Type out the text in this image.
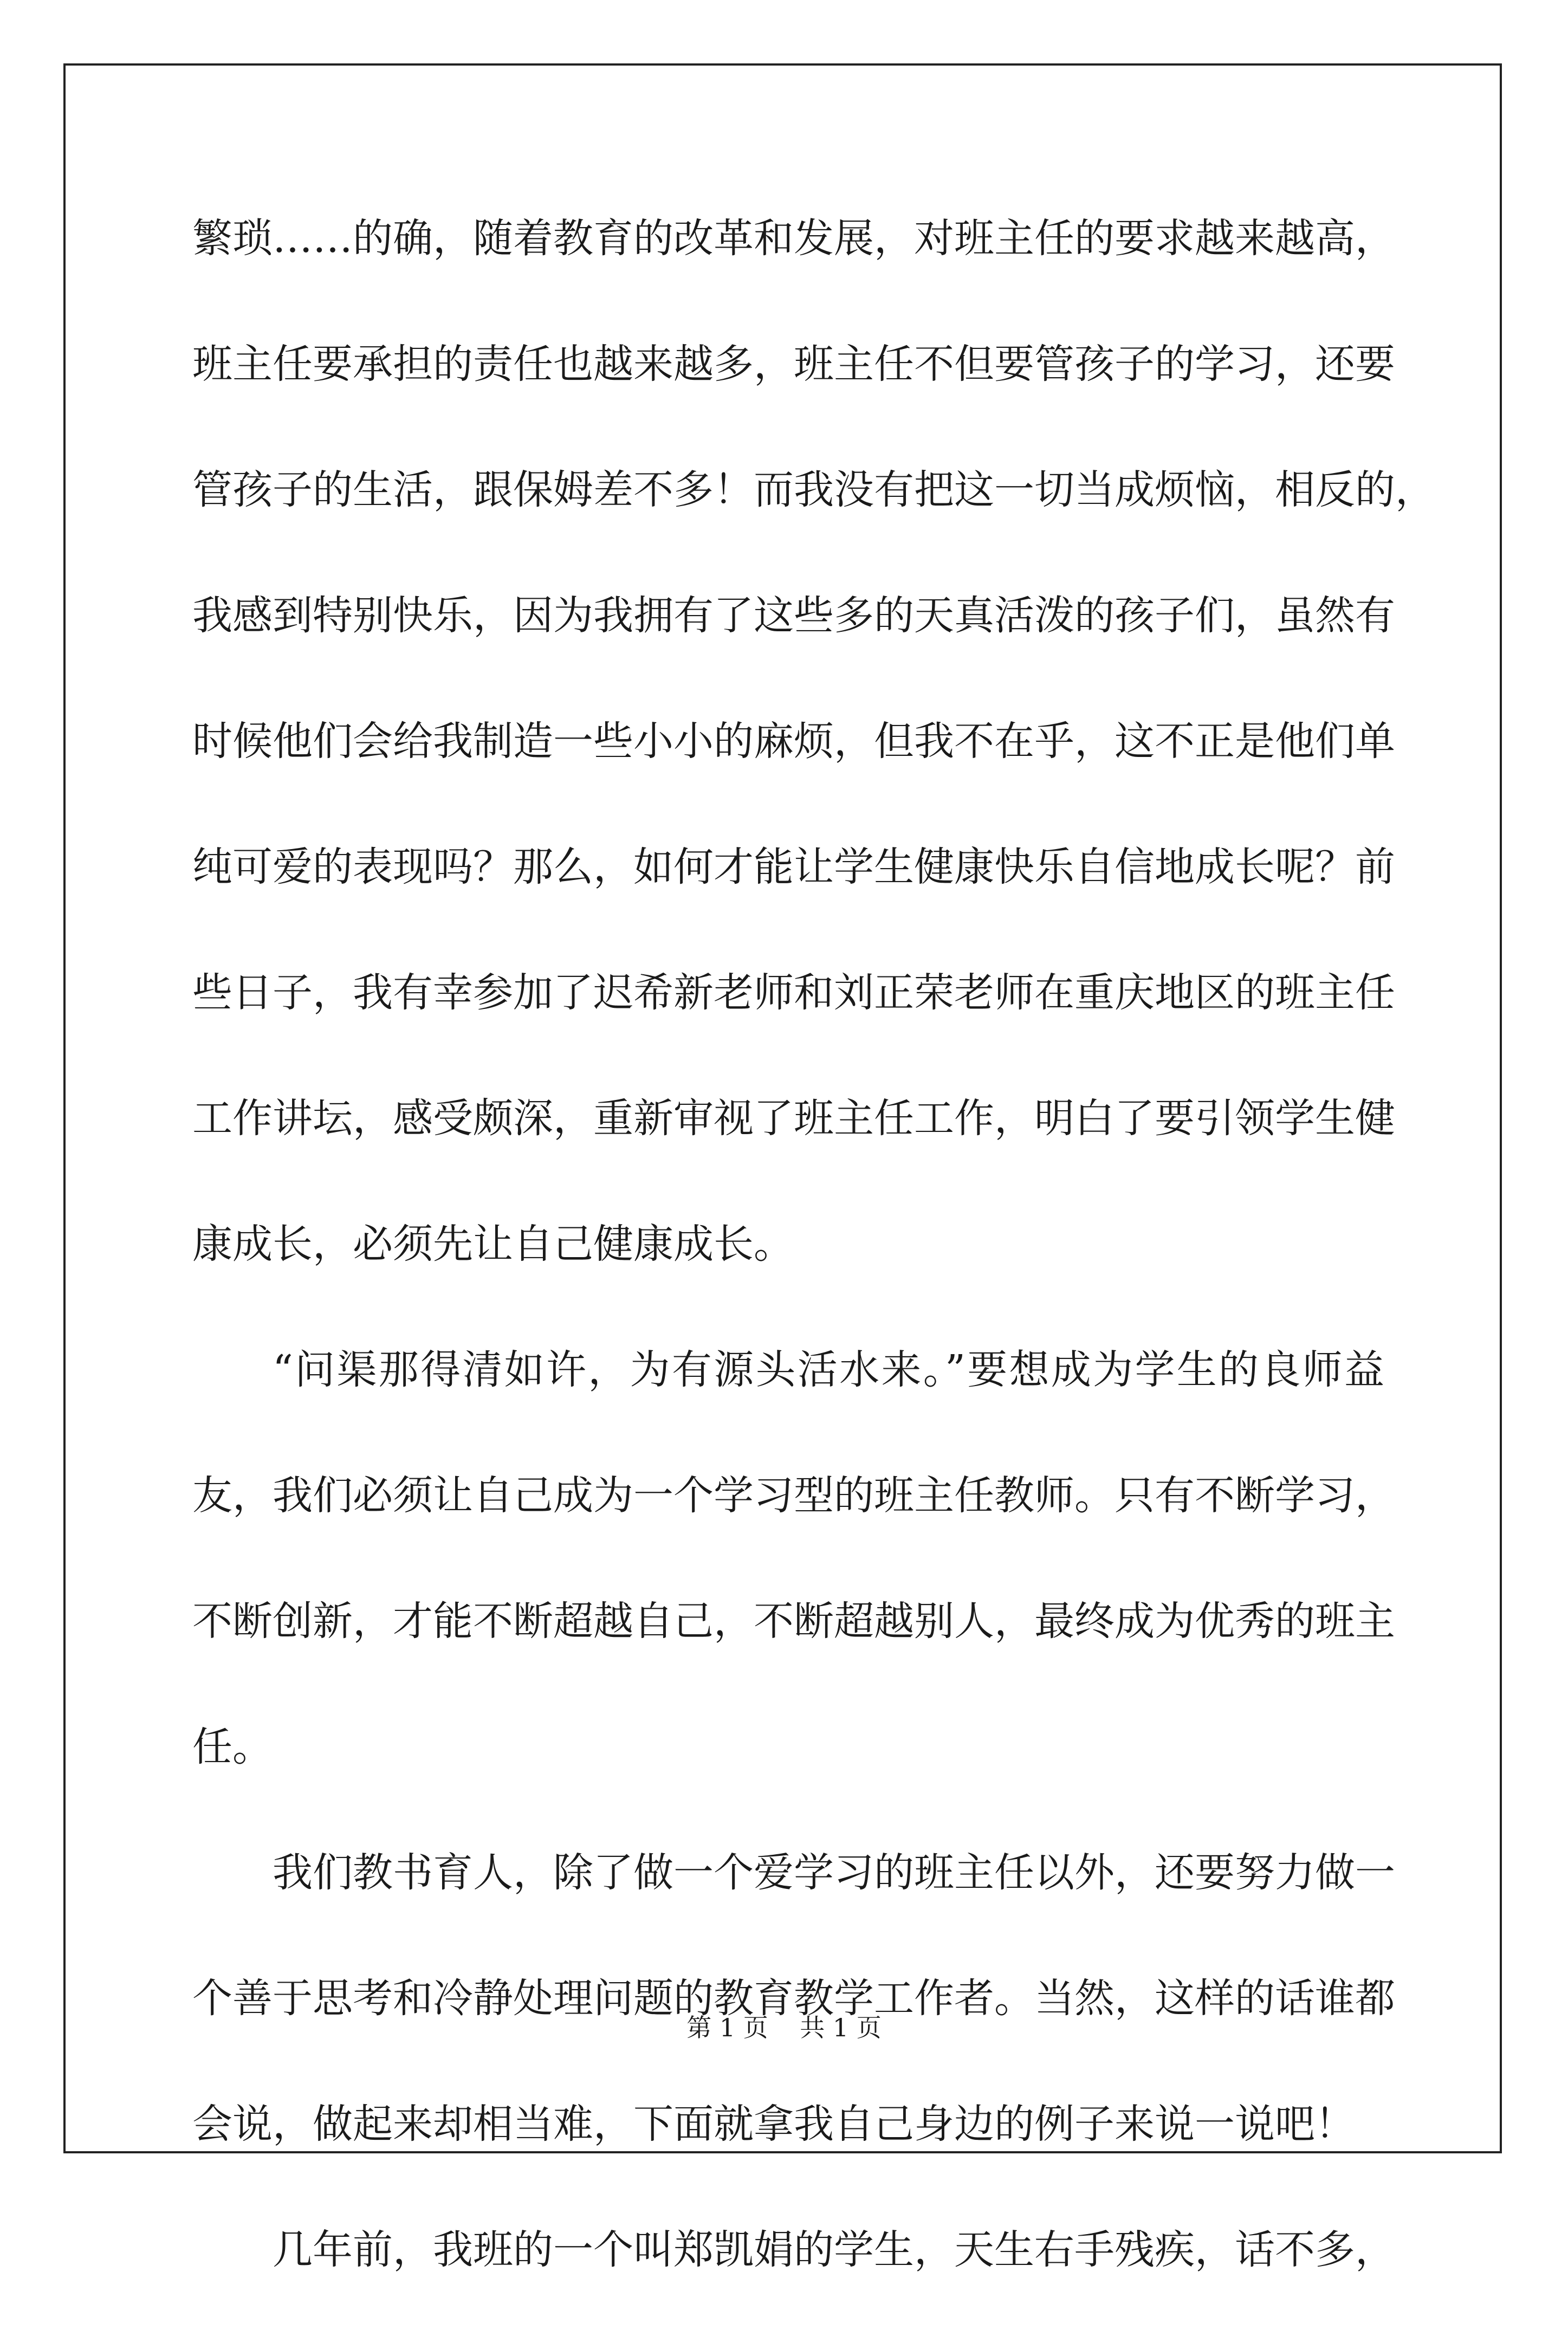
繁琐……的确，随着教育的改革和发展，对班主任的要求越来越高，
班主任要承担的责任也越来越多，班主任不但要管孩子的学习，还要
管孩子的生活，跟保姆差不多！而我没有把这一切当成烦恼，相反的，
我感到特别快乐，因为我拥有了这些多的天真活泼的孩子们，虽然有
时候他们会给我制造一些小小的麻烦，但我不在乎，这不正是他们单
纯可爱的表现吗？那么，如何才能让学生健康快乐自信地成长呢？前
些日子，我有幸参加了迟希新老师和刘正荣老师在重庆地区的班主任
工作讲坛，感受颇深，重新审视了班主任工作，明白了要引领学生健
康成长，必须先让自己健康成长。
“问渠那得清如许，为有源头活水来。”要想成为学生的良师益
友，我们必须让自己成为一个学习型的班主任教师。只有不断学习，
不断创新，才能不断超越自己，不断超越别人，最终成为优秀的班主
任。
我们教书育人，除了做一个爱学习的班主任以外，还要努力做一
个善于思考和冷静处理问题的教育教学工作者。当然，这样的话谁都
会说，做起来却相当难，下面就拿我自己身边的例子来说一说吧！
几年前，我班的一个叫郑凯娟的学生，天生右手残疾，话不多，
第 1 页    共 1 页
